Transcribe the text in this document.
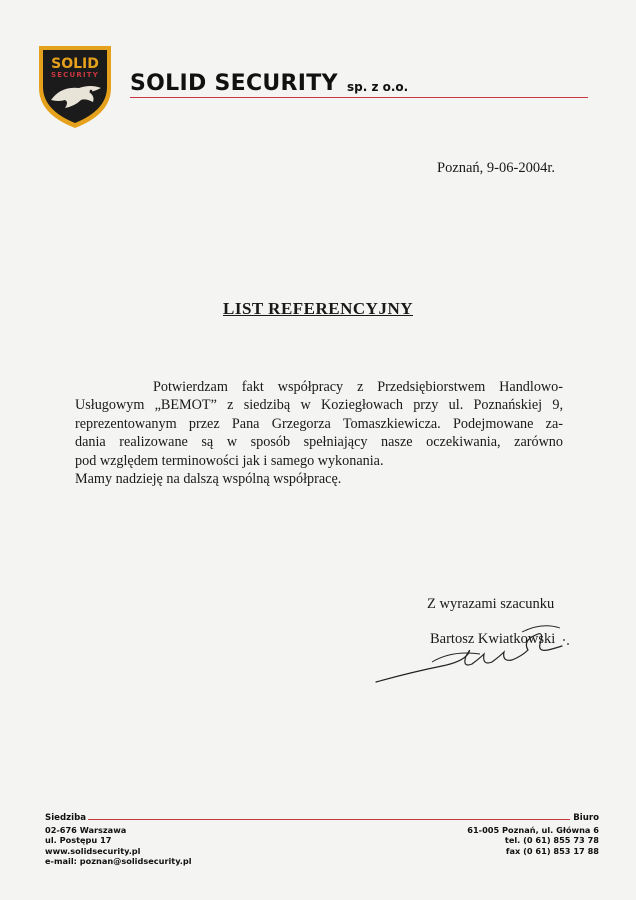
SOLID
SECURITY SOLID SECURITY sp. z o.o.
Poznań, 9-06-2004r.
LIST REFERENCYJNY
Potwierdzam fakt współpracy z Przedsiębiorstwem Handlowo-
Usługowym „BEMOT” z siedzibą w Koziegłowach przy ul. Poznańskiej 9,
reprezentowanym przez Pana Grzegorza Tomaszkiewicza. Podejmowane za-
dania realizowane są w sposób spełniający nasze oczekiwania, zarówno
pod względem terminowości jak i samego wykonania.
Mamy nadzieję na dalszą wspólną współpracę.
Z wyrazami szacunku
Bartosz Kwiatkowski
Siedziba
02-676 Warszawa
ul. Postępu 17
www.solidsecurity.pl
e-mail: poznan@solidsecurity.pl
Biuro
61-005 Poznań, ul. Główna 6
tel. (0 61) 855 73 78
fax (0 61) 853 17 88
